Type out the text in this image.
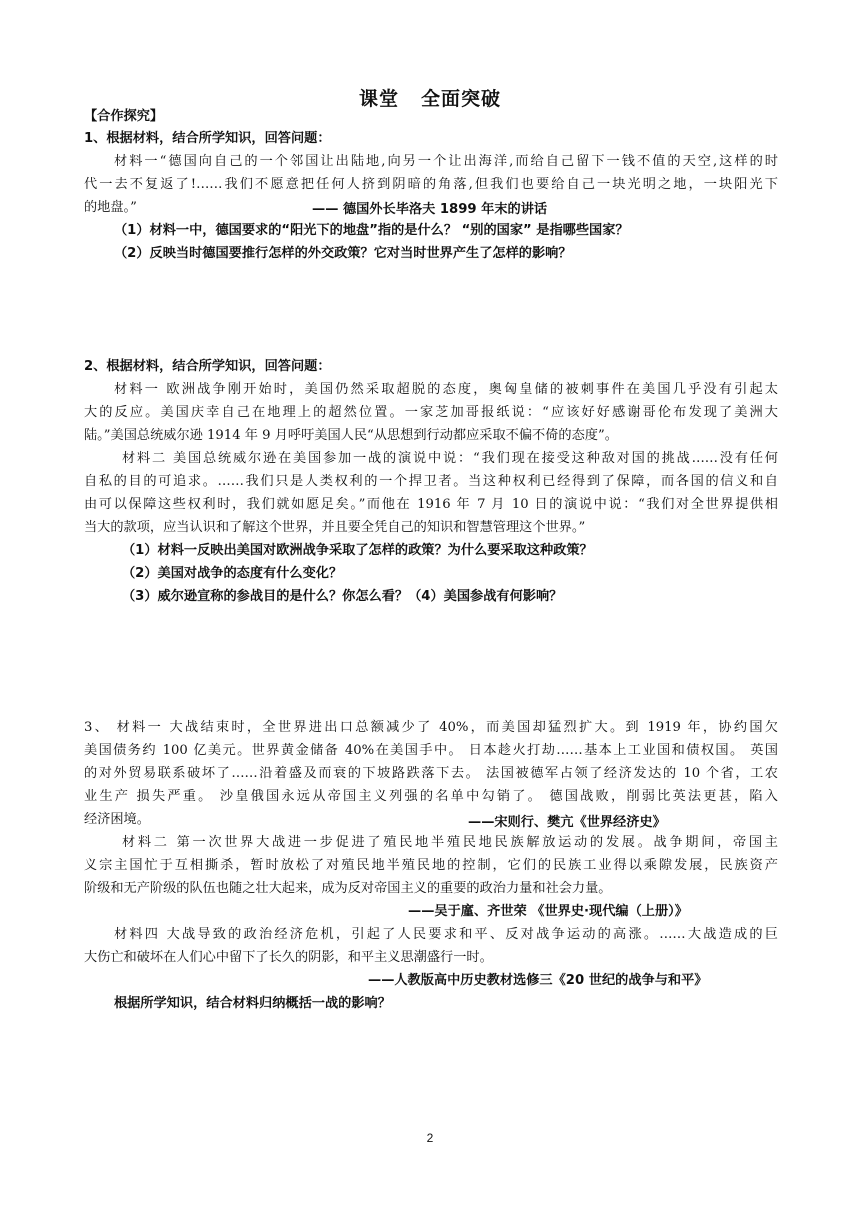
课堂 全面突破
【合作探究】
1、根据材料，结合所学知识，回答问题：
材料一“德国向自己的一个邻国让出陆地,向另一个让出海洋,而给自己留下一钱不值的天空,这样的时
代一去不复返了!……我们不愿意把任何人挤到阴暗的角落,但我们也要给自己一块光明之地，一块阳光下
的地盘。”	—— 德国外长毕洛夫 1899 年末的讲话
（1）材料一中，德国要求的“阳光下的地盘”指的是什么？ “别的国家” 是指哪些国家？
（2）反映当时德国要推行怎样的外交政策？它对当时世界产生了怎样的影响？
2、根据材料，结合所学知识，回答问题：
材料一 欧洲战争刚开始时，美国仍然采取超脱的态度，奥匈皇储的被刺事件在美国几乎没有引起太
大的反应。美国庆幸自己在地理上的超然位置。一家芝加哥报纸说：“应该好好感谢哥伦布发现了美洲大
陆。”美国总统威尔逊 1914 年 9 月呼吁美国人民“从思想到行动都应采取不偏不倚的态度”。
材料二 美国总统威尔逊在美国参加一战的演说中说：“我们现在接受这种敌对国的挑战……没有任何
自私的目的可追求。……我们只是人类权利的一个捍卫者。当这种权利已经得到了保障，而各国的信义和自
由可以保障这些权利时，我们就如愿足矣。”而他在 1916 年 7 月 10 日的演说中说：“我们对全世界提供相
当大的款项，应当认识和了解这个世界，并且要全凭自己的知识和智慧管理这个世界。”
（1）材料一反映出美国对欧洲战争采取了怎样的政策？为什么要采取这种政策？
（2）美国对战争的态度有什么变化？
（3）威尔逊宣称的参战目的是什么？你怎么看？（4）美国参战有何影响？
3、 材料一 大战结束时，全世界进出口总额减少了 40%，而美国却猛烈扩大。到 1919 年，协约国欠
美国债务约 100 亿美元。世界黄金储备 40%在美国手中。 日本趁火打劫……基本上工业国和债权国。 英国
的对外贸易联系破坏了……沿着盛及而衰的下坡路跌落下去。 法国被德军占领了经济发达的 10 个省，工农
业生产 损失严重。 沙皇俄国永远从帝国主义列强的名单中勾销了。 德国战败，削弱比英法更甚，陷入
经济困境。	——宋则行、樊亢《世界经济史》
材料二 第一次世界大战进一步促进了殖民地半殖民地民族解放运动的发展。战争期间，帝国主
义宗主国忙于互相撕杀，暂时放松了对殖民地半殖民地的控制，它们的民族工业得以乘隙发展，民族资产
阶级和无产阶级的队伍也随之壮大起来，成为反对帝国主义的重要的政治力量和社会力量。
——吴于廑、齐世荣 《世界史·现代编（上册）》
材料四 大战导致的政治经济危机，引起了人民要求和平、反对战争运动的高涨。……大战造成的巨
大伤亡和破坏在人们心中留下了长久的阴影，和平主义思潮盛行一时。
——人教版高中历史教材选修三《20 世纪的战争与和平》
根据所学知识，结合材料归纳概括一战的影响？
2
